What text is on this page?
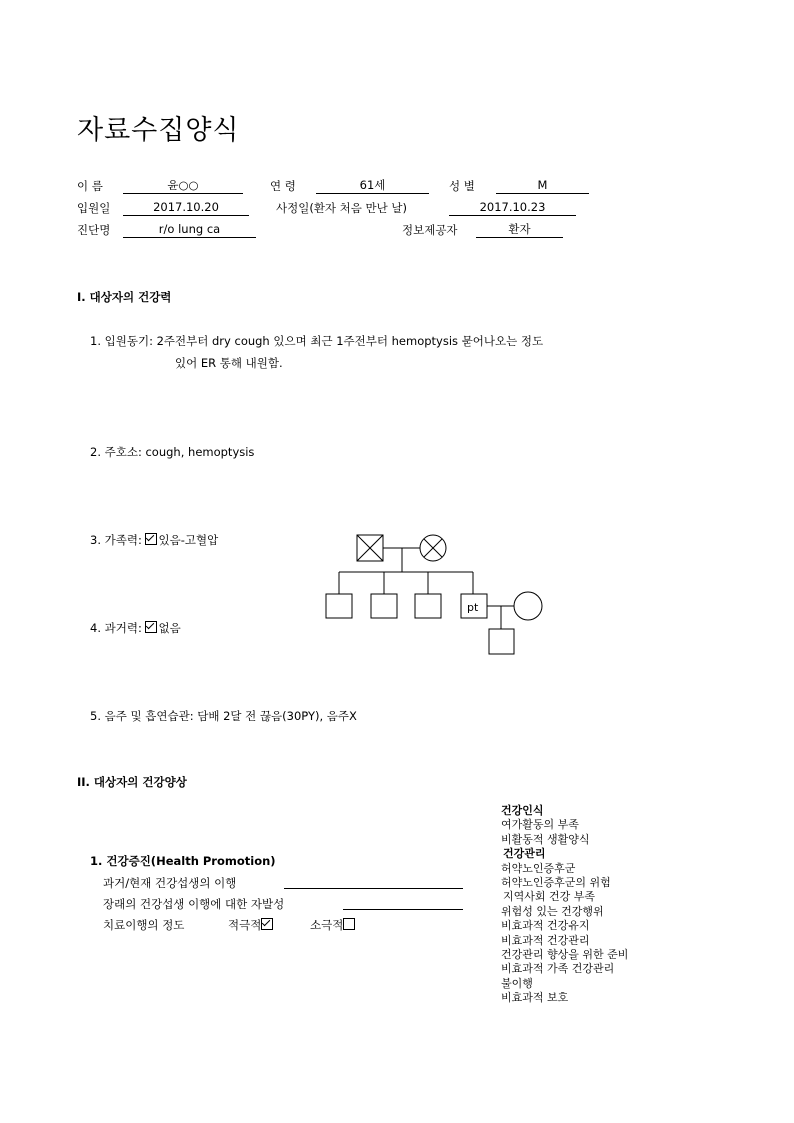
자료수집양식
이 름	윤○○	연 령	61세	성 별	M
입원일	2017.10.20	사정일(환자 처음 만난 날)	2017.10.23
진단명	r/o lung ca	정보제공자	환자
I. 대상자의 건강력
1. 입원동기: 2주전부터 dry cough 있으며 최근 1주전부터 hemoptysis 묻어나오는 정도
있어 ER 통해 내원함.
2. 주호소: cough, hemoptysis
3. 가족력: 있음-고혈압
4. 과거력: 없음
5. 음주 및 흡연습관: 담배 2달 전 끊음(30PY), 음주X
pt
II. 대상자의 건강양상
1. 건강증진(Health Promotion)
과거/현재 건강섭생의 이행
장래의 건강섭생 이행에 대한 자발성
치료이행의 정도	적극적	소극적
건강인식
여가활동의 부족
비활동적 생활양식
건강관리
허약노인증후군
허약노인증후군의 위험
지역사회 건강 부족
위험성 있는 건강행위
비효과적 건강유지
비효과적 건강관리
건강관리 향상을 위한 준비
비효과적 가족 건강관리
불이행
비효과적 보호
